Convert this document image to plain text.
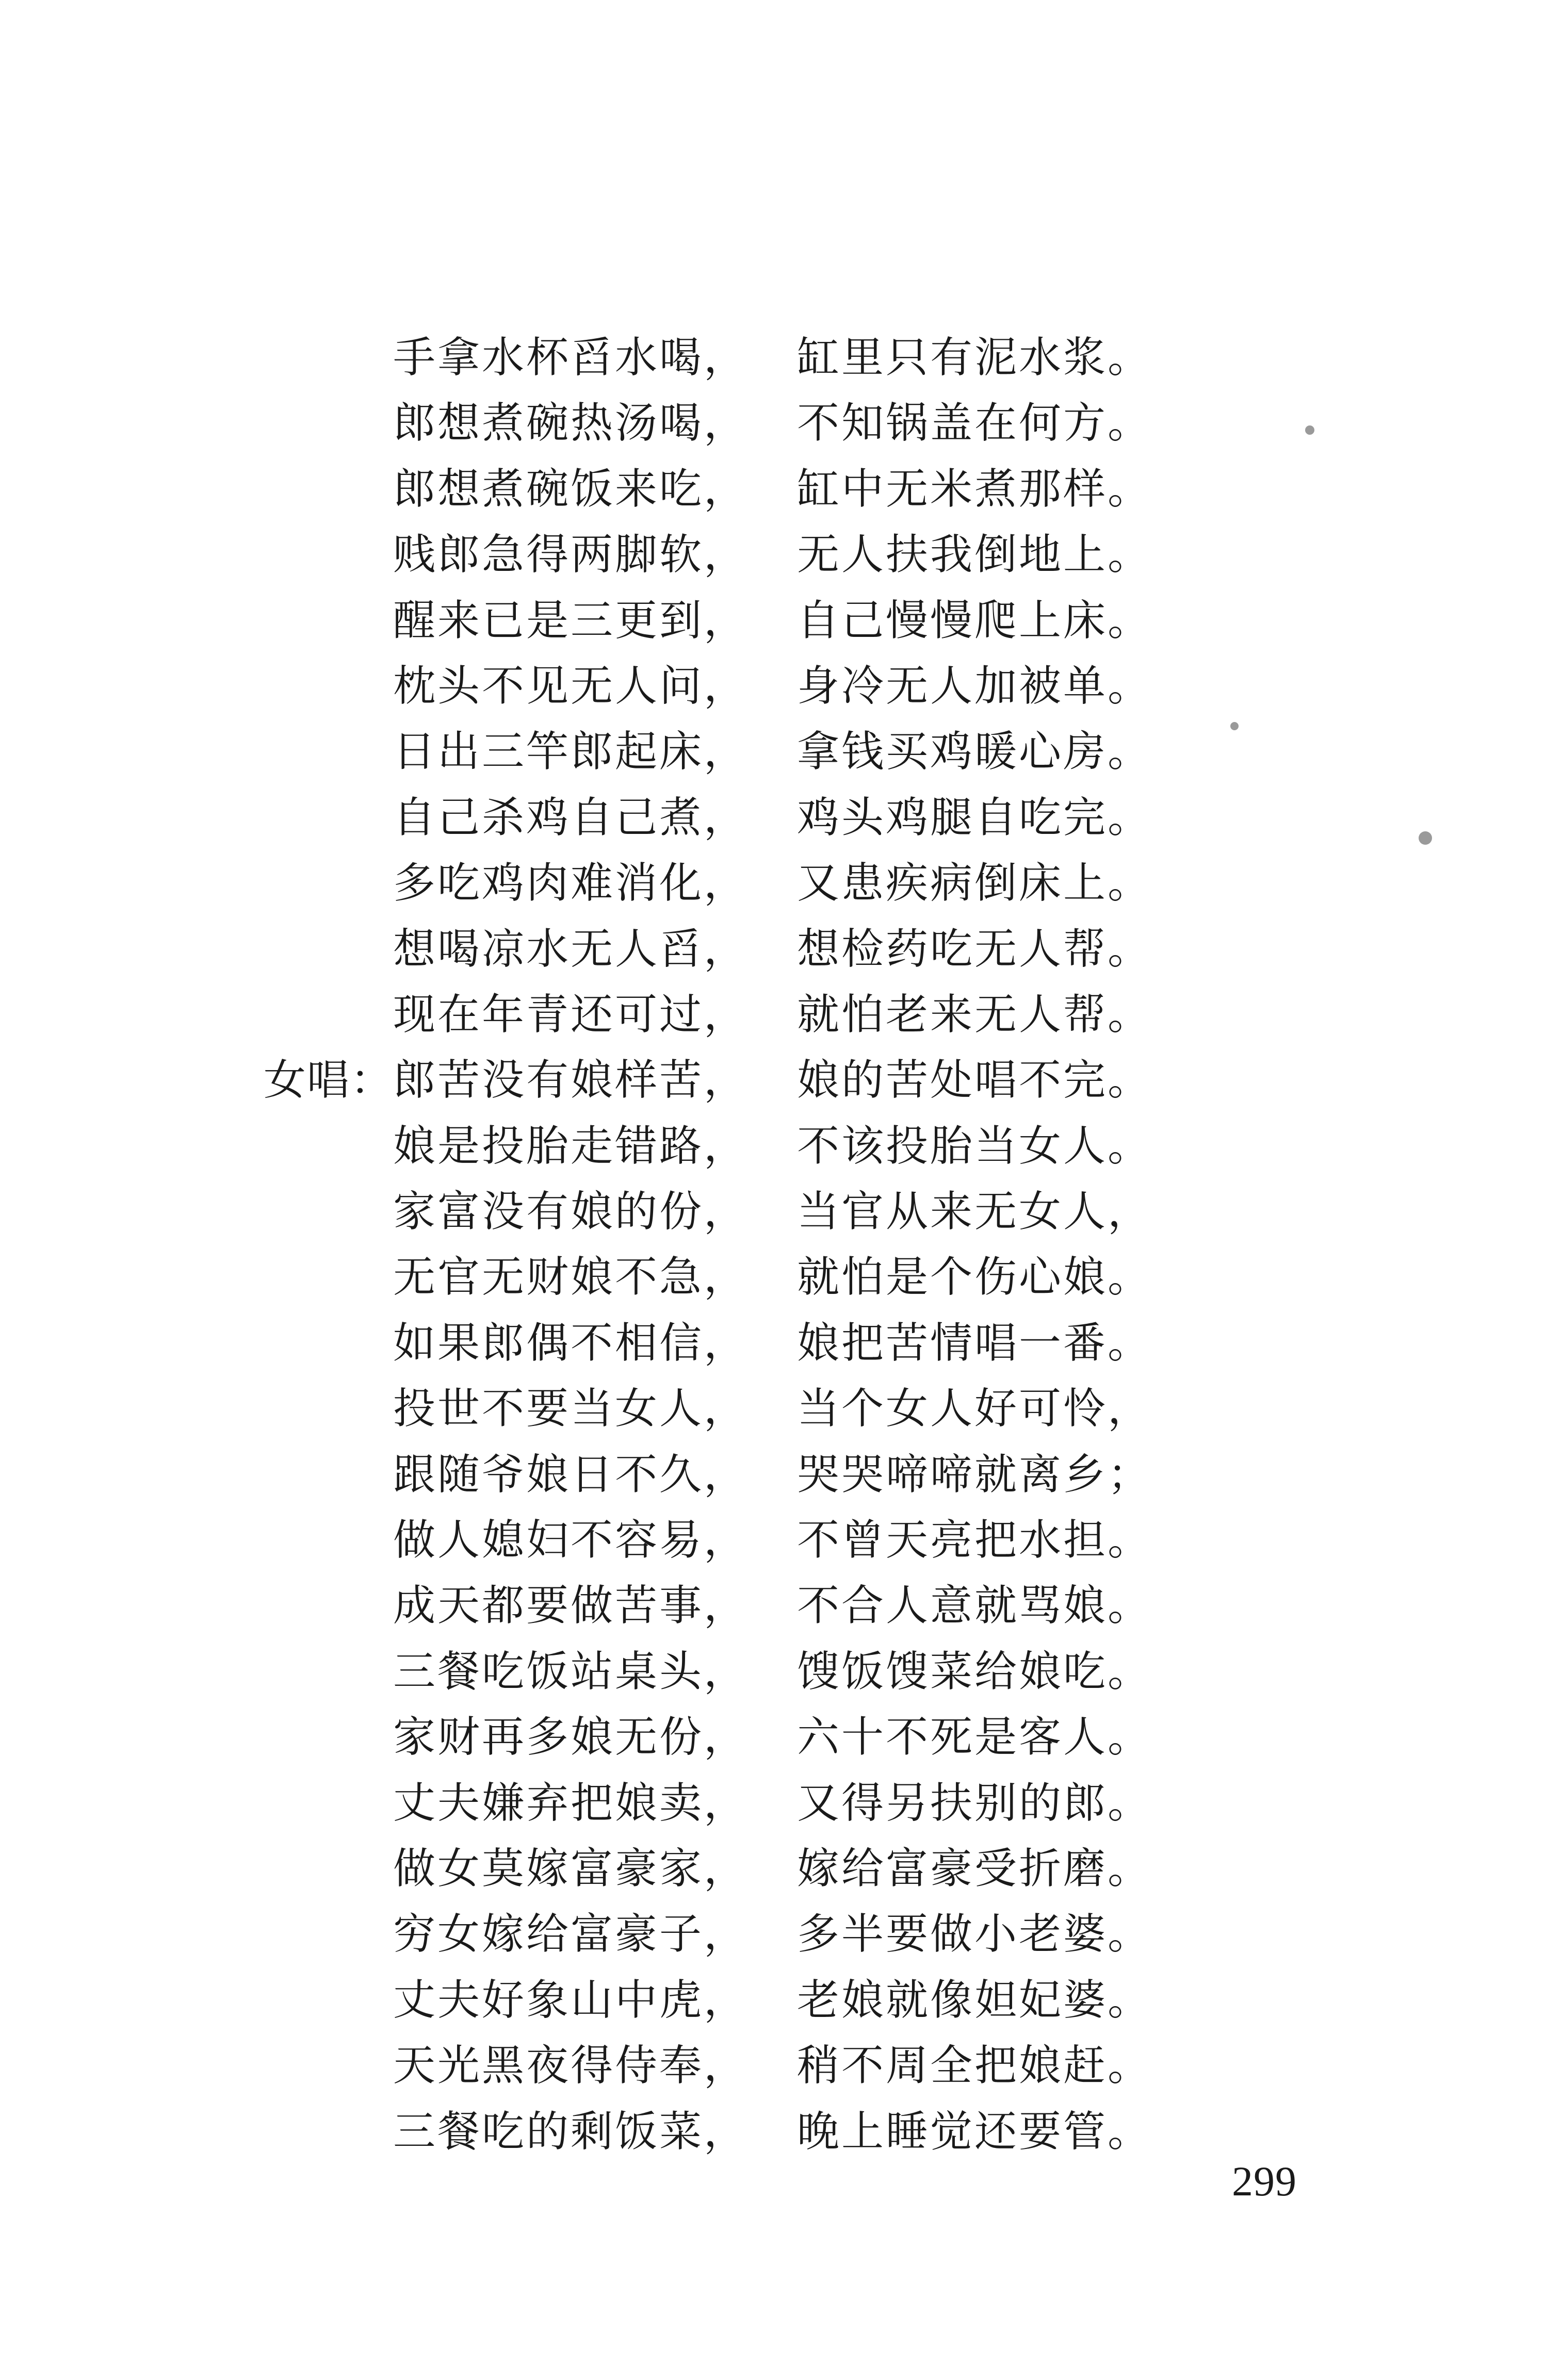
手拿水杯舀水喝， 缸里只有泥水浆。
郎想煮碗热汤喝， 不知锅盖在何方。
郎想煮碗饭来吃， 缸中无米煮那样。
贱郎急得两脚软， 无人扶我倒地上。
醒来已是三更到， 自己慢慢爬上床。
枕头不见无人问， 身冷无人加被单。
日出三竿郎起床， 拿钱买鸡暖心房。
自己杀鸡自己煮， 鸡头鸡腿自吃完。
多吃鸡肉难消化， 又患疾病倒床上。
想喝凉水无人舀， 想检药吃无人帮。
现在年青还可过， 就怕老来无人帮。
女唱： 郎苦没有娘样苦， 娘的苦处唱不完。
娘是投胎走错路， 不该投胎当女人。
家富没有娘的份， 当官从来无女人，
无官无财娘不急， 就怕是个伤心娘。
如果郎偶不相信， 娘把苦情唱一番。
投世不要当女人， 当个女人好可怜，
跟随爷娘日不久， 哭哭啼啼就离乡；
做人媳妇不容易， 不曾天亮把水担。
成天都要做苦事， 不合人意就骂娘。
三餐吃饭站桌头， 馊饭馊菜给娘吃。
家财再多娘无份， 六十不死是客人。
丈夫嫌弃把娘卖， 又得另扶别的郎。
做女莫嫁富豪家， 嫁给富豪受折磨。
穷女嫁给富豪子， 多半要做小老婆。
丈夫好象山中虎， 老娘就像妲妃婆。
天光黑夜得侍奉， 稍不周全把娘赶。
三餐吃的剩饭菜， 晚上睡觉还要管。
299
